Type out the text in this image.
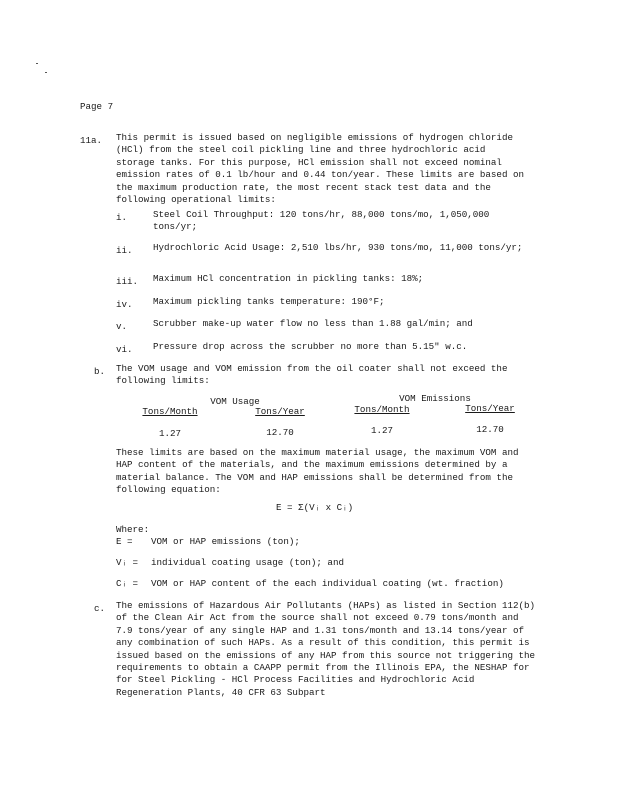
Page 7
11a. This permit is issued based on negligible emissions of hydrogen chloride (HCl) from the steel coil pickling line and three hydrochloric acid storage tanks. For this purpose, HCl emission shall not exceed nominal emission rates of 0.1 lb/hour and 0.44 ton/year. These limits are based on the maximum production rate, the most recent stack test data and the following operational limits:
i.	Steel Coil Throughput: 120 tons/hr, 88,000 tons/mo, 1,050,000 tons/yr;
ii. Hydrochloric Acid Usage: 2,510 lbs/hr, 930 tons/mo, 11,000 tons/yr;
iii. Maximum HCl concentration in pickling tanks: 18%;
iv. Maximum pickling tanks temperature: 190°F;
v.	Scrubber make-up water flow no less than 1.88 gal/min; and
vi. Pressure drop across the scrubber no more than 5.15" w.c.
b. The VOM usage and VOM emission from the oil coater shall not exceed the following limits:
VOM Usage	VOM Emissions
Tons/Month	Tons/Year	Tons/Month	Tons/Year
1.27	12.70	1.27	12.70
These limits are based on the maximum material usage, the maximum VOM and HAP content of the materials, and the maximum emissions determined by a material balance. The VOM and HAP emissions shall be determined from the following equation:
E = Σ(Vᵢ x Cᵢ)
Where:
E = VOM or HAP emissions (ton);
Vᵢ = individual coating usage (ton); and
Cᵢ = VOM or HAP content of the each individual coating (wt. fraction)
c. The emissions of Hazardous Air Pollutants (HAPs) as listed in Section 112(b) of the Clean Air Act from the source shall not exceed 0.79 tons/month and 7.9 tons/year of any single HAP and 1.31 tons/month and 13.14 tons/year of any combination of such HAPs. As a result of this condition, this permit is issued based on the emissions of any HAP from this source not triggering the requirements to obtain a CAAPP permit from the Illinois EPA, the NESHAP for for Steel Pickling - HCl Process Facilities and Hydrochloric Acid Regeneration Plants, 40 CFR 63 Subpart
